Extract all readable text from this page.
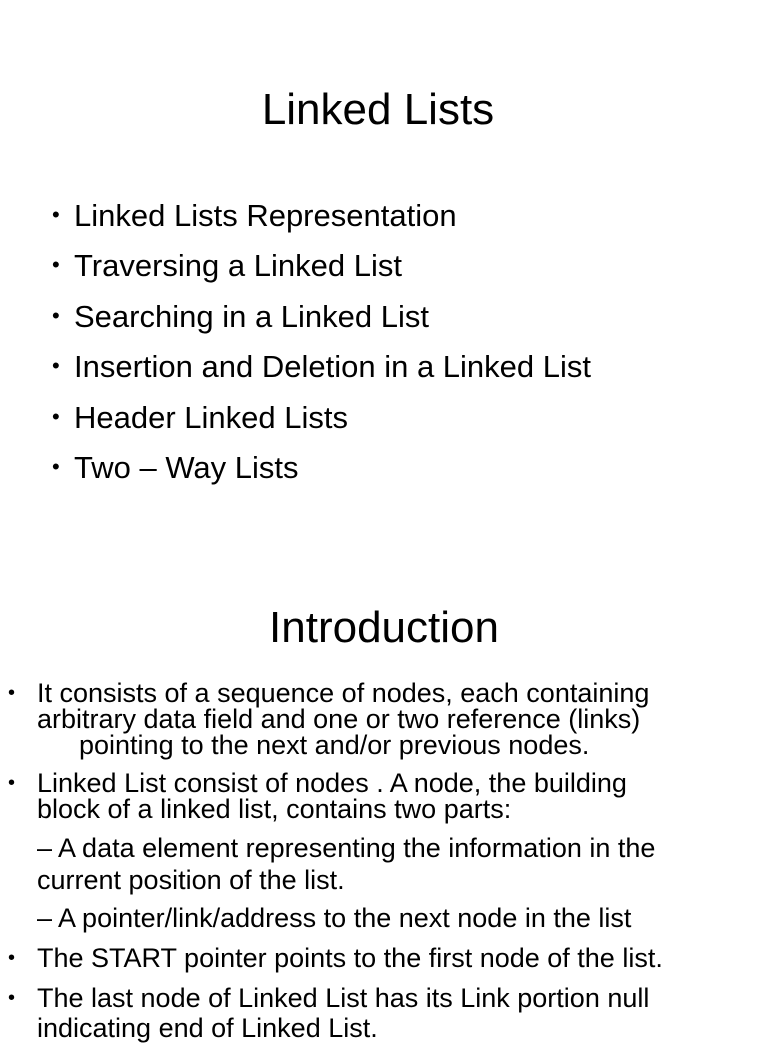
Linked Lists
• Linked Lists Representation
• Traversing a Linked List
• Searching in a Linked List
• Insertion and Deletion in a Linked List
• Header Linked Lists
• Two – Way Lists
Introduction
• It consists of a sequence of nodes, each containing
arbitrary data field and one or two reference (links)

pointing to the next and/or previous nodes.
• Linked List consist of nodes . A node, the building
block of a linked list, contains two parts:
– A data element representing the information in the
current position of the list.
– A pointer/link/address to the next node in the list
• The START pointer points to the first node of the list.
• The last node of Linked List has its Link portion null
indicating end of Linked List.
